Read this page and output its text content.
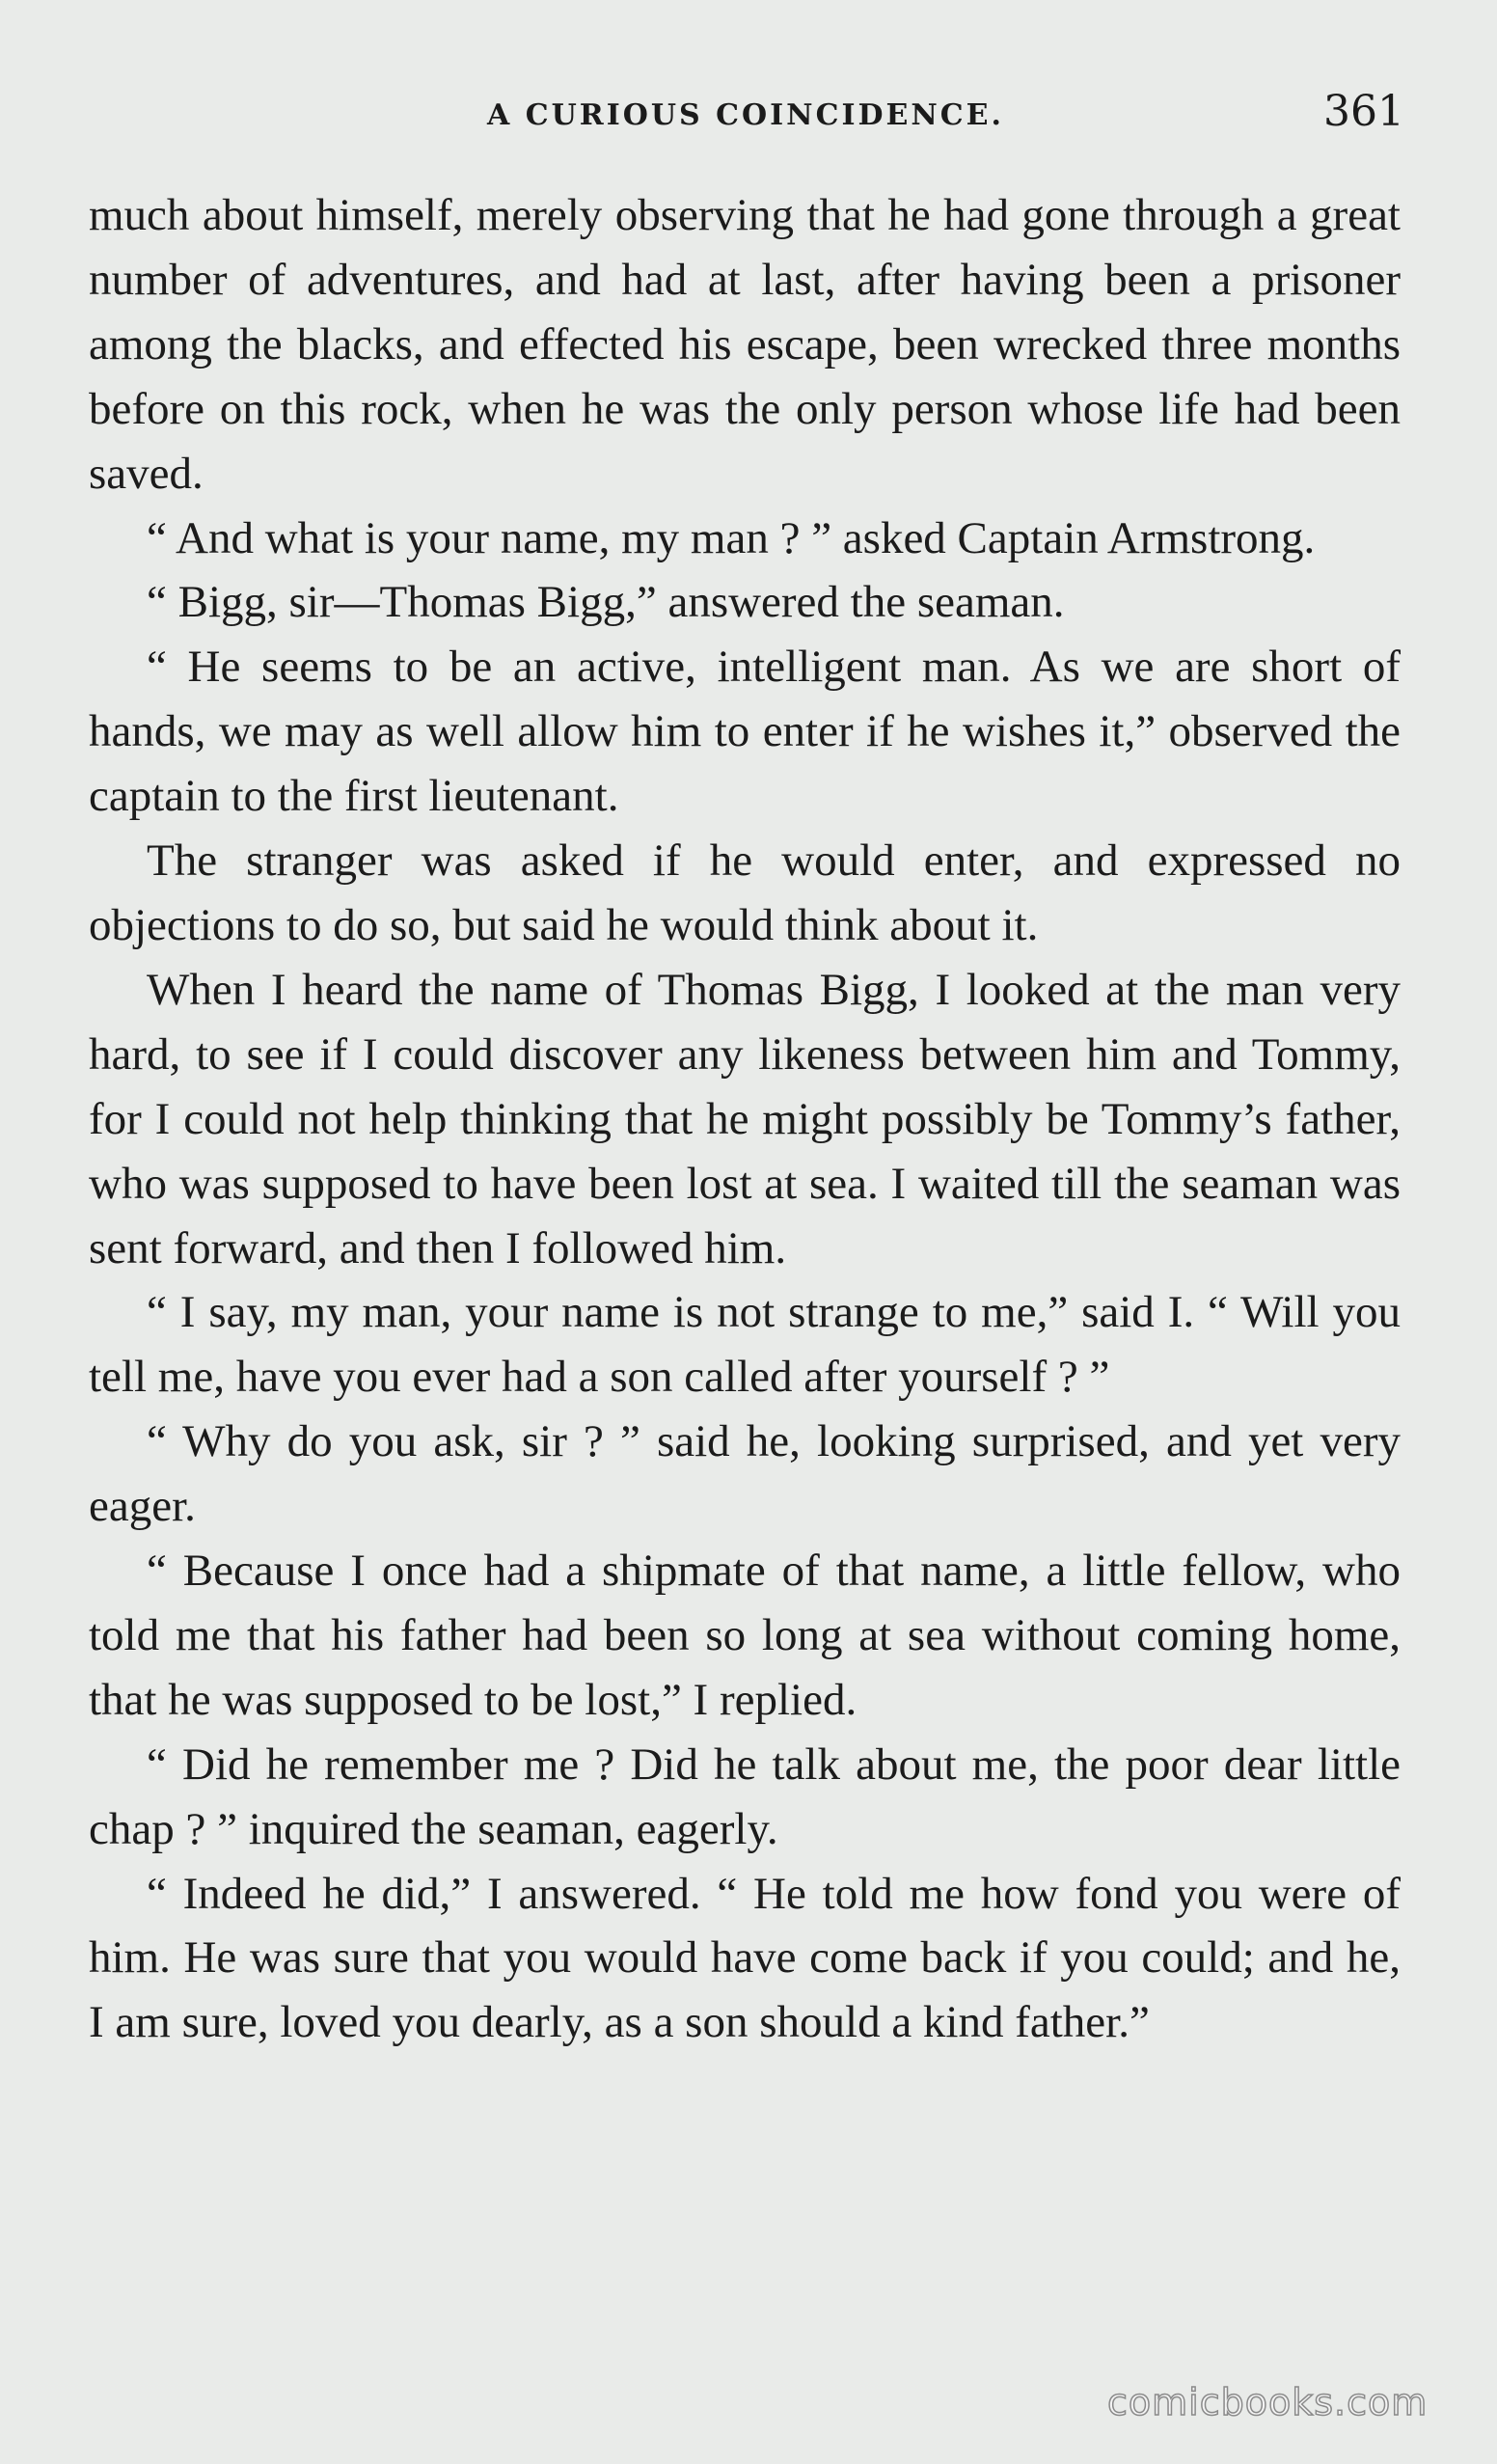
A CURIOUS COINCIDENCE.	361

much about himself, merely observing that he had gone through a great number of adventures, and had at last, after having been a prisoner among the blacks, and effected his escape, been wrecked three months before on this rock, when he was the only person whose life had been saved.

“ And what is your name, my man ? ” asked Captain Armstrong.

“ Bigg, sir—Thomas Bigg,” answered the seaman.

“ He seems to be an active, intelligent man. As we are short of hands, we may as well allow him to enter if he wishes it,” observed the captain to the first lieutenant.

The stranger was asked if he would enter, and expressed no objections to do so, but said he would think about it.

When I heard the name of Thomas Bigg, I looked at the man very hard, to see if I could discover any likeness between him and Tommy, for I could not help thinking that he might possibly be Tommy’s father, who was supposed to have been lost at sea. I waited till the seaman was sent forward, and then I followed him.

“ I say, my man, your name is not strange to me,” said I. “ Will you tell me, have you ever had a son called after yourself ? ”

“ Why do you ask, sir ? ” said he, looking surprised, and yet very eager.

“ Because I once had a shipmate of that name, a little fellow, who told me that his father had been so long at sea without coming home, that he was supposed to be lost,” I replied.

“ Did he remember me ? Did he talk about me, the poor dear little chap ? ” inquired the seaman, eagerly.

“ Indeed he did,” I answered. “ He told me how fond you were of him. He was sure that you would have come back if you could; and he, I am sure, loved you dearly, as a son should a kind father.”

comicbooks.com
